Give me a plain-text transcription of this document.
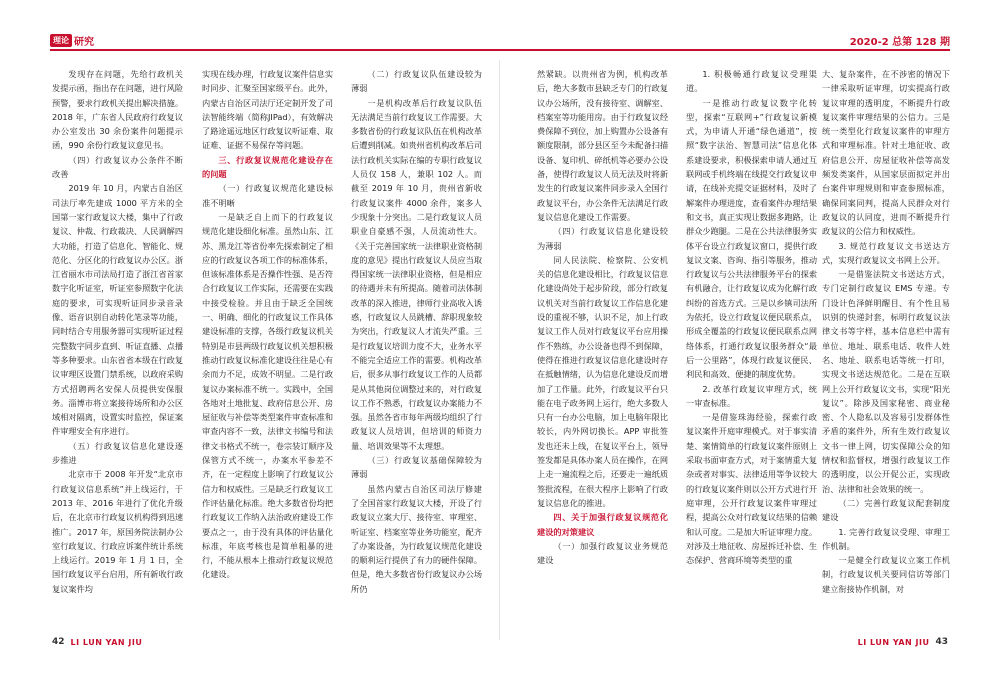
理论 研究	2020-2 总第 128 期

发现存在问题，先给行政机关发提示函，指出存在问题，进行风险预警，要求行政机关提出解决措施。2018 年，广东省人民政府行政复议办公室发出 30 余份案件问题提示函，990 余份行政复议意见书。

（四）行政复议办公条件不断改善

2019 年 10 月，内蒙古自治区司法厅率先建成 1000 平方米的全国第一家行政复议大楼，集中了行政复议、仲裁、行政裁决、人民调解四大功能，打造了信息化、智能化、规范化、分区化的行政复议办公区。浙江省丽水市司法局打造了浙江省首家数字化听证室，听证室参照数字化法庭的要求，可实现听证同步录音录像、语音识别自动转化笔录等功能，同时结合专用服务器可实现听证过程完整数字同步直到、听证直播、点播等多种要求。山东省省本级在行政复议审理区设置门禁系统，以政府采购方式招聘两名安保人员提供安保服务。淄博市将立案接待场所和办公区域相对隔离，设置实时监控，保证案件审理安全有序进行。

（五）行政复议信息化建设逐步推进

北京市于 2008 年开发“北京市行政复议信息系统”并上线运行，于 2013 年、2016 年进行了优化升级后，在北京市行政复议机构得到迅速推广。2017 年，原国务院法制办公室行政复议、行政应诉案件统计系统上线运行。2019 年 1 月 1 日，全国行政复议平台启用，所有新收行政复议案件均

实现在线办理，行政复议案件信息实时同步、汇聚至国家级平台。此外，内蒙古自治区司法厅还定制开发了司法智能终端（简称JIPad），有效解决了路途遥远地区行政复议听证难、取证难、证据不易保存等问题。

三、行政复议规范化建设存在的问题

（一）行政复议规范化建设标准不明晰

一是缺乏自上而下的行政复议规范化建设细化标准。虽然山东、江苏、黑龙江等省份率先探索制定了相应的行政复议各项工作的标准体系，但该标准体系是否操作性强、是否符合行政复议工作实际，还需要在实践中接受检验。并且由于缺乏全国统一、明确、细化的行政复议工作具体建设标准的支撑，各级行政复议机关特别是市县两级行政复议机关想积极推动行政复议标准化建设往往是心有余而力不足，成效不明显。二是行政复议办案标准不统一。实践中，全国各地对土地批复、政府信息公开、房屋征收与补偿等类型案件审查标准和审查内容不一致，法律文书编号和法律文书格式不统一，卷宗装订顺序及保管方式不统一，办案水平参差不齐，在一定程度上影响了行政复议公信力和权威性。三是缺乏行政复议工作评估量化标准。绝大多数省份均把行政复议工作纳入法治政府建设工作要点之一，由于没有具体的评估量化标准，年底考核也是简单粗暴的进行，不能从根本上推动行政复议规范化建设。

（二）行政复议队伍建设较为薄弱

一是机构改革后行政复议队伍无法满足当前行政复议工作需要。大多数省份的行政复议队伍在机构改革后遭到削减。如贵州省机构改革后司法行政机关实际在编的专职行政复议人员仅 158 人，兼职 102 人。而截至 2019 年 10 月，贵州省新收行政复议案件 4000 余件，案多人少现象十分突出。二是行政复议人员职业自豪感不强，人员流动性大。《关于完善国家统一法律职业资格制度的意见》提出行政复议人员应当取得国家统一法律职业资格，但是相应的待遇并未有所提高。随着司法体制改革的深入推进，律师行业高收入诱惑，行政复议人员跳槽、辞职现象较为突出，行政复议人才流失严重。三是行政复议培训力度不大，业务水平不能完全适应工作的需要。机构改革后，很多从事行政复议工作的人员都是从其他岗位调整过来的，对行政复议工作不熟悉，行政复议办案能力不强。虽然各省市每年两级均组织了行政复议人员培训，但培训的师资力量、培训效果等不太理想。

（三）行政复议基础保障较为薄弱

虽然内蒙古自治区司法厅修建了全国首家行政复议大楼，开设了行政复议立案大厅、接待室、审理室、听证室、档案室等业务功能室，配齐了办案设备，为行政复议规范化建设的顺利运行提供了有力的硬件保障。但是，绝大多数省份行政复议办公场所仍

然紧缺。以贵州省为例，机构改革后，绝大多数市县缺乏专门的行政复议办公场所，没有接待室、调解室、档案室等功能用房。由于行政复议经费保障不到位，加上购置办公设备有额度限制，部分县区至今未配备扫描设备、复印机、碎纸机等必要办公设备，使得行政复议人员无法及时将新发生的行政复议案件同步录入全国行政复议平台，办公条件无法满足行政复议信息化建设工作需要。

（四）行政复议信息化建设较为薄弱

同人民法院、检察院、公安机关的信息化建设相比，行政复议信息化建设尚处于起步阶段，部分行政复议机关对当前行政复议工作信息化建设的重视不够，认识不足，加上行政复议工作人员对行政复议平台应用操作不熟练，办公设备也得不到保障，使得在推进行政复议信息化建设时存在抵触情绪，认为信息化建设反而增加了工作量。此外，行政复议平台只能在电子政务网上运行，绝大多数人只有一台办公电脑，加上电脑年限比较长，内外网切换长。APP 审批签发也还未上线，在复议平台上，领导签发都是具体办案人员在操作，在网上走一遍流程之后，还要走一遍纸质签批流程，在很大程序上影响了行政复议信息化的推进。

四、关于加强行政复议规范化建设的对策建议

（一）加强行政复议业务规范建设

1. 积极畅通行政复议受理渠道。

一是推动行政复议数字化转型，探索“互联网+”行政复议新模式，为申请人开通“绿色通道”，按照“数字法治、智慧司法”信息化体系建设要求，积极探索申请人通过互联网或手机终端在线提交行政复议申请，在线补充提交证据材料，及时了解案件办理进度，查看案件办理结果和文书，真正实现让数据多跑路，让群众少跑腿。二是在公共法律服务实体平台设立行政复议窗口，提供行政复议文案、咨询、指引等服务，推动行政复议与公共法律服务平台的探索有机融合，让行政复议成为化解行政纠纷的首选方式。三是以乡镇司法所为依托，设立行政复议便民联系点，形成全覆盖的行政复议便民联系点网络体系，打通行政复议服务群众“最后一公里路”，体现行政复议便民、利民和高效、便捷的制度优势。

2. 改革行政复议审理方式，统一审查标准。

一是借鉴珠海经验，探索行政复议案件开庭审理模式。对于事实清楚、案情简单的行政复议案件原则上采取书面审查方式，对于案情重大复杂或者对事实、法律适用等争议较大的行政复议案件则以公开方式进行开庭审理，公开行政复议案件审理过程，提高公众对行政复议结果的信赖和认可度。二是加大听证审理力度。对涉及土地征收、房屋拆迁补偿、生态保护、营商环境等类型的重

大、复杂案件，在不涉密的情况下一律采取听证审理，切实提高行政复议审理的透明度，不断提升行政复议案件审理结果的公信力。三是统一类型化行政复议案件的审理方式和审理标准。针对土地征收、政府信息公开、房屋征收补偿等高发频发类案件，从国家层面拟定并出台案件审理规则和审查参照标准，确保同案同判，提高人民群众对行政复议的认同度，进而不断提升行政复议的公信力和权威性。

3. 规范行政复议文书送达方式，实现行政复议文书网上公开。

一是借鉴法院文书送达方式，专门定制行政复议 EMS 专递。专门设计色泽鲜明醒目、有个性且易识别的快递封套，标明行政复议法律文书等字样，基本信息栏中需有单位、地址、联系电话、收件人姓名、地址、联系电话等统一打印，实现文书送达规范化。二是在互联网上公开行政复议文书，实现“阳光复议”。除涉及国家秘密、商业秘密、个人隐私以及容易引发群体性矛盾的案件外，所有生效行政复议文书一律上网，切实保障公众的知情权和监督权，增强行政复议工作的透明度，以公开促公正，实现政治、法律和社会效果的统一。

（二）完善行政复议配套制度建设

1. 完善行政复议受理、审理工作机制。

一是健全行政复议立案工作机制，行政复议机关要同信访等部门建立衔接协作机制，对

42 LI LUN YAN JIU	LI LUN YAN JIU 43
